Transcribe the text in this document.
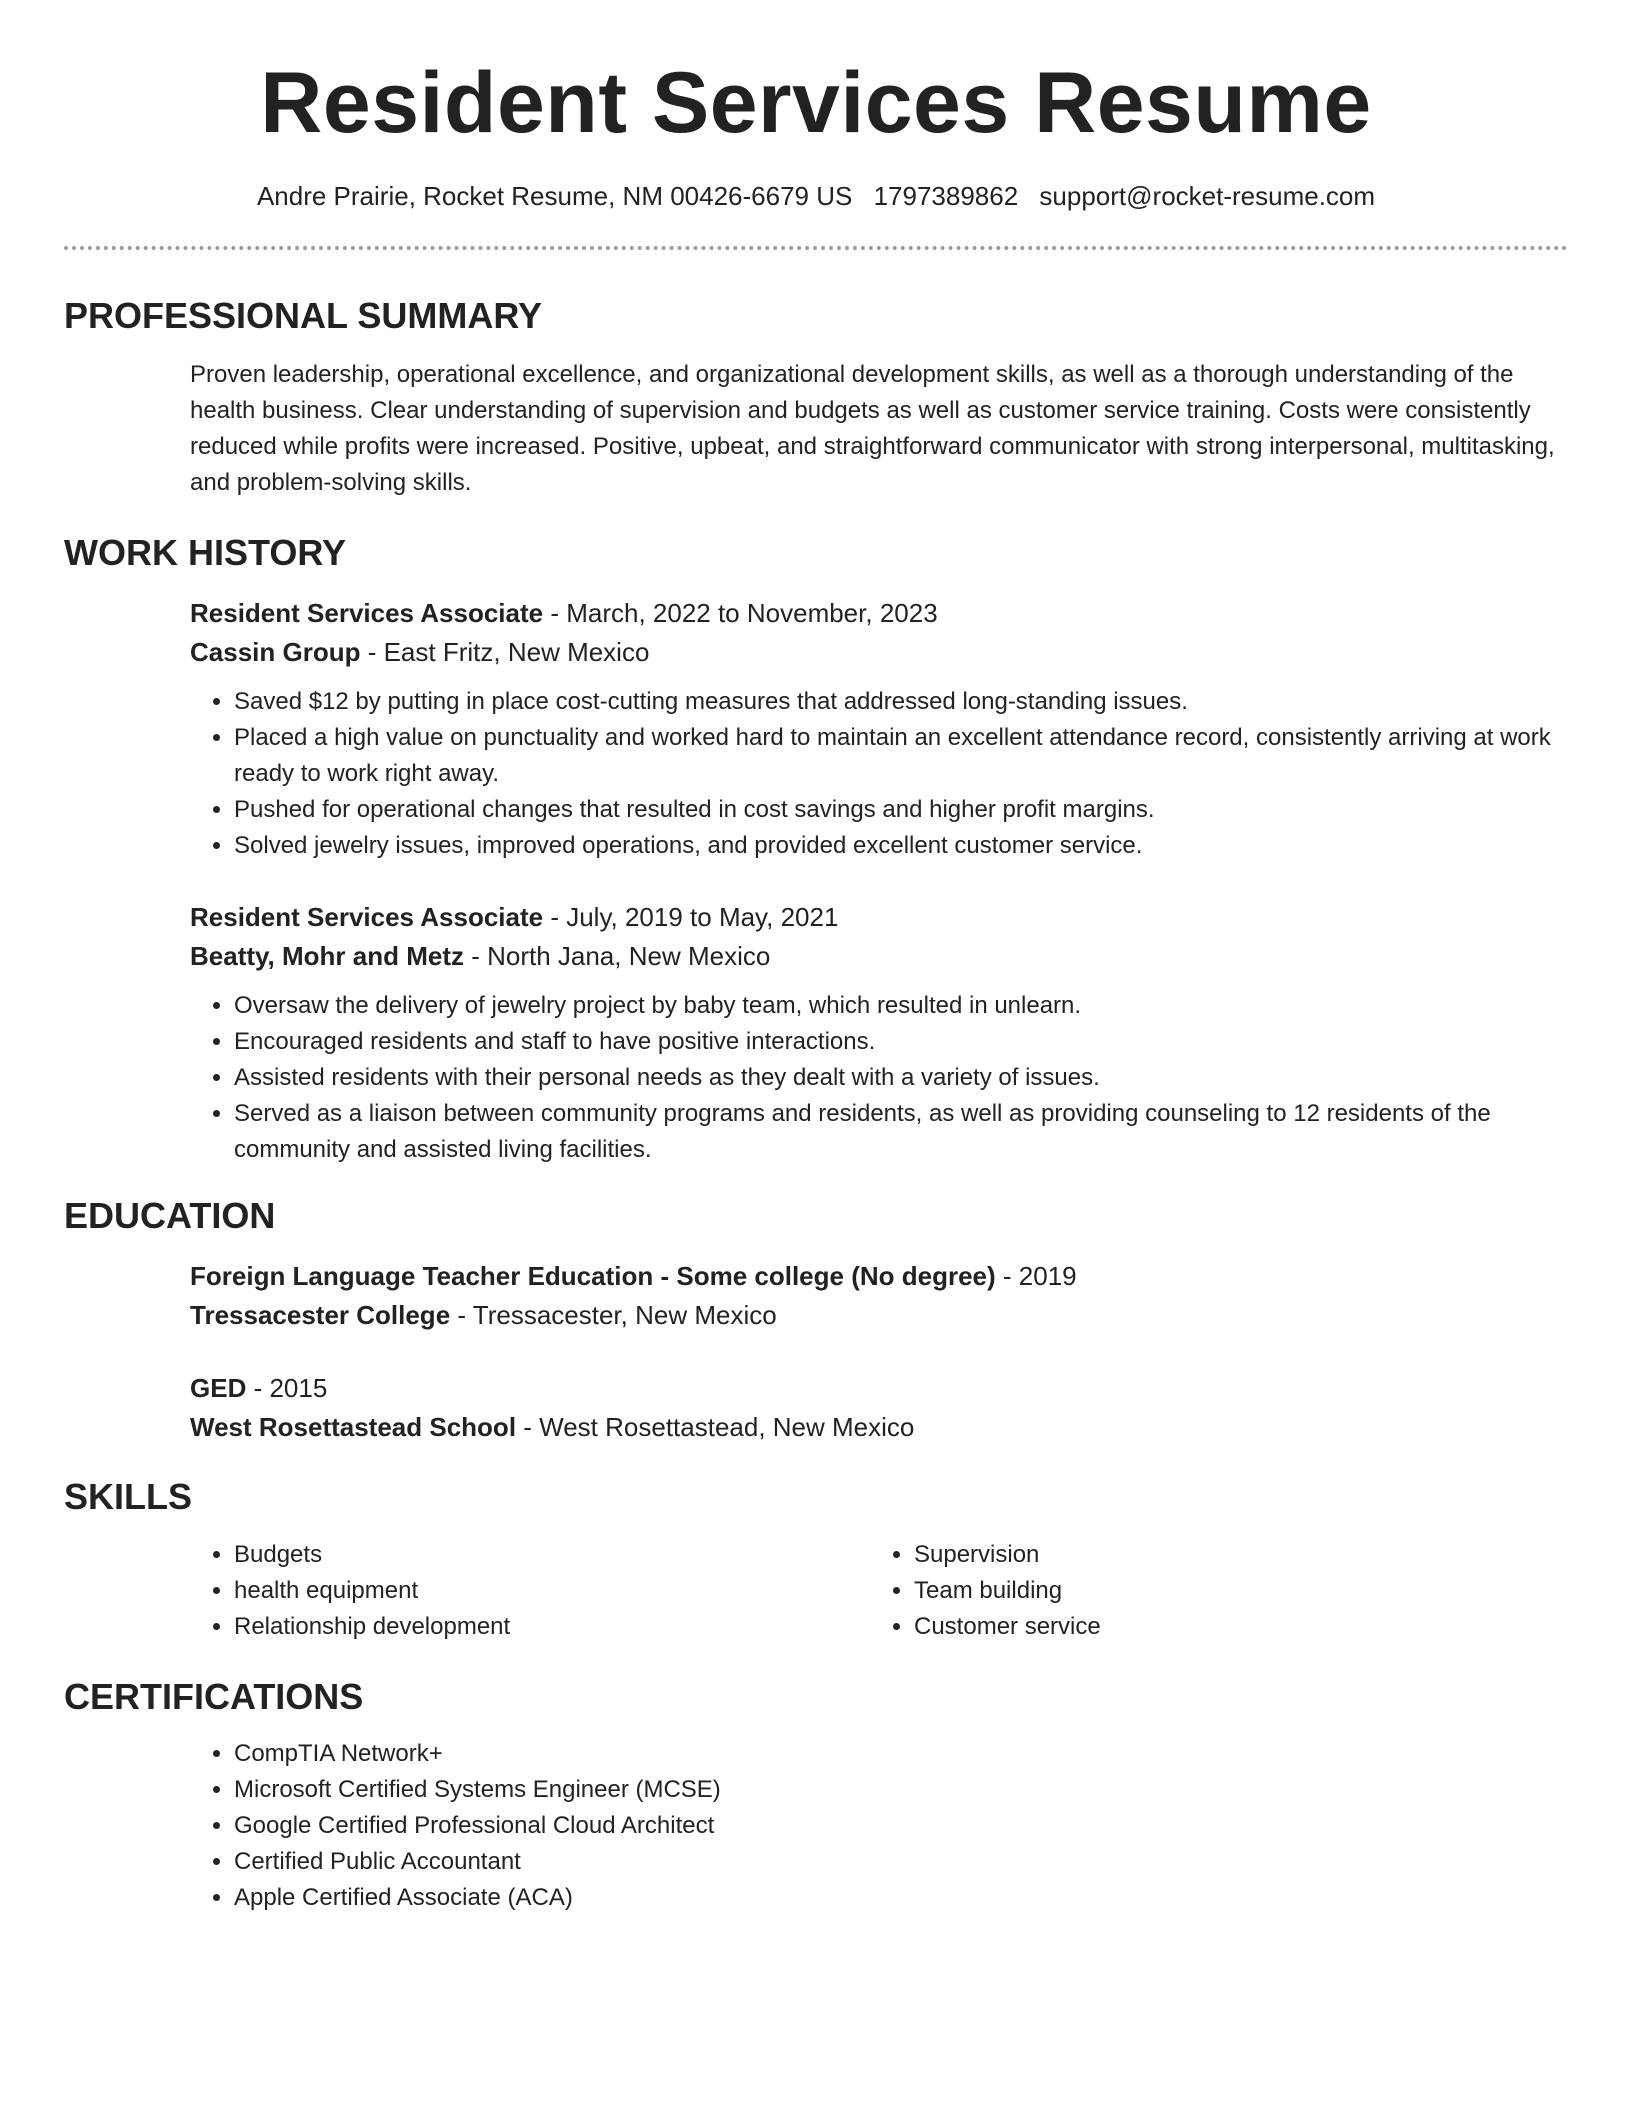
Resident Services Resume
Andre Prairie, Rocket Resume, NM 00426-6679 US 1797389862 support@rocket-resume.com
PROFESSIONAL SUMMARY

Proven leadership, operational excellence, and organizational development skills, as well as a thorough understanding of the health business. Clear understanding of supervision and budgets as well as customer service training. Costs were consistently reduced while profits were increased. Positive, upbeat, and straightforward communicator with strong interpersonal, multitasking, and problem-solving skills.

WORK HISTORY
Resident Services Associate - March, 2022 to November, 2023
Cassin Group - East Fritz, New Mexico
• Saved $12 by putting in place cost-cutting measures that addressed long-standing issues.
• Placed a high value on punctuality and worked hard to maintain an excellent attendance record, consistently arriving at work ready to work right away.
• Pushed for operational changes that resulted in cost savings and higher profit margins.
• Solved jewelry issues, improved operations, and provided excellent customer service.
Resident Services Associate - July, 2019 to May, 2021
Beatty, Mohr and Metz - North Jana, New Mexico
• Oversaw the delivery of jewelry project by baby team, which resulted in unlearn.
• Encouraged residents and staff to have positive interactions.
• Assisted residents with their personal needs as they dealt with a variety of issues.
• Served as a liaison between community programs and residents, as well as providing counseling to 12 residents of the community and assisted living facilities.
EDUCATION
Foreign Language Teacher Education - Some college (No degree) - 2019
Tressacester College - Tressacester, New Mexico
GED - 2015
West Rosettastead School - West Rosettastead, New Mexico
SKILLS
• Budgets
• health equipment
• Relationship development
• Supervision
• Team building
• Customer service
CERTIFICATIONS
• CompTIA Network+
• Microsoft Certified Systems Engineer (MCSE)
• Google Certified Professional Cloud Architect
• Certified Public Accountant
• Apple Certified Associate (ACA)
